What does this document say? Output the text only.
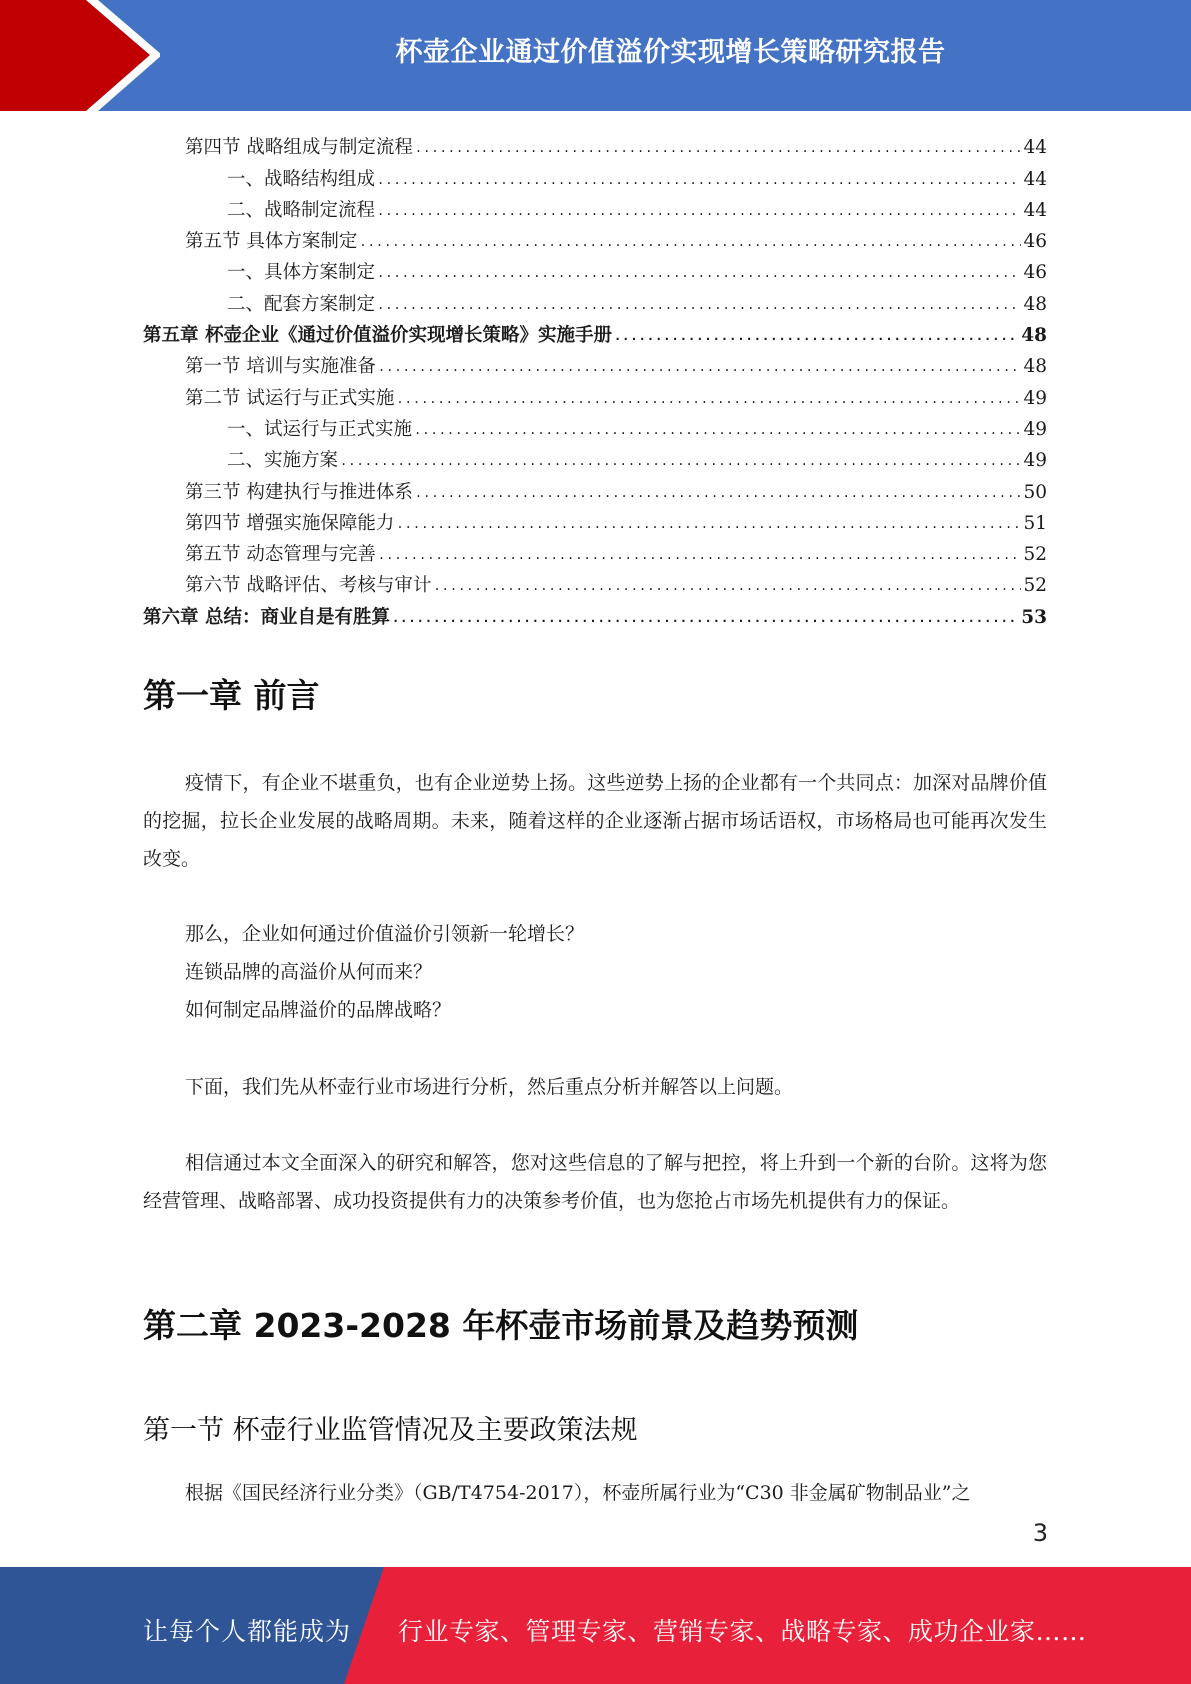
杯壶企业通过价值溢价实现增长策略研究报告
第四节 战略组成与制定流程 .....	44
一、战略结构组成 .....	44
二、战略制定流程 .....	44
第五节 具体方案制定 .....	46
一、具体方案制定 .....	46
二、配套方案制定 .....	48
第五章 杯壶企业《通过价值溢价实现增长策略》实施手册 .....	48
第一节 培训与实施准备 .....	48
第二节 试运行与正式实施 .....	49
一、试运行与正式实施 .....	49
二、实施方案 .....	49
第三节 构建执行与推进体系 .....	50
第四节 增强实施保障能力 .....	51
第五节 动态管理与完善 .....	52
第六节 战略评估、考核与审计 .....	52
第六章 总结：商业自是有胜算 .....	53
第一章 前言

疫情下，有企业不堪重负，也有企业逆势上扬。这些逆势上扬的企业都有一个共同点：加深对品牌价值的挖掘，拉长企业发展的战略周期。未来，随着这样的企业逐渐占据市场话语权，市场格局也可能再次发生改变。

那么，企业如何通过价值溢价引领新一轮增长？

连锁品牌的高溢价从何而来？

如何制定品牌溢价的品牌战略？

下面，我们先从杯壶行业市场进行分析，然后重点分析并解答以上问题。

相信通过本文全面深入的研究和解答，您对这些信息的了解与把控，将上升到一个新的台阶。这将为您经营管理、战略部署、成功投资提供有力的决策参考价值，也为您抢占市场先机提供有力的保证。

第二章 2023-2028 年杯壶市场前景及趋势预测
第一节 杯壶行业监管情况及主要政策法规

根据《国民经济行业分类》（GB/T4754-2017），杯壶所属行业为“C30 非金属矿物制品业”之

3
让每个人都能成为 行业专家、管理专家、营销专家、战略专家、成功企业家……
